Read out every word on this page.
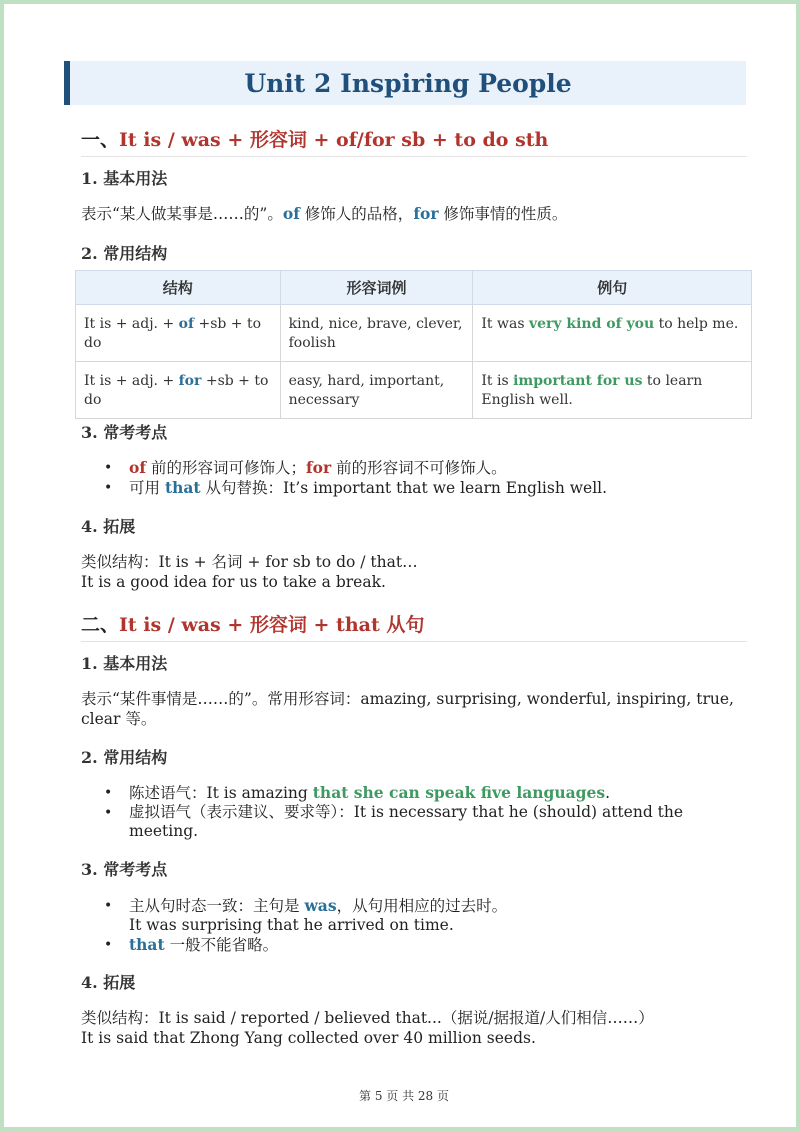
Unit 2 Inspiring People
一、It is / was + 形容词 + of/for sb + to do sth
1. 基本用法
表示“某人做某事是……的”。of 修饰人的品格，for 修饰事情的性质。
2. 常用结构
结构	形容词例	例句
It is + adj. + of +sb + to do	kind, nice, brave, clever, foolish	It was very kind of you to help me.
It is + adj. + for +sb + to do	easy, hard, important, necessary	It is important for us to learn English well.
3. 常考考点
• of 前的形容词可修饰人；for 前的形容词不可修饰人。
• 可用 that 从句替换：It’s important that we learn English well.
4. 拓展
类似结构：It is + 名词 + for sb to do / that…
It is a good idea for us to take a break.
二、It is / was + 形容词 + that 从句
1. 基本用法
表示“某件事情是……的”。常用形容词：amazing, surprising, wonderful, inspiring, true, clear 等。
2. 常用结构
• 陈述语气：It is amazing that she can speak five languages.
• 虚拟语气（表示建议、要求等）：It is necessary that he (should) attend the meeting.
3. 常考考点
• 主从句时态一致：主句是 was，从句用相应的过去时。
It was surprising that he arrived on time.
• that 一般不能省略。
4. 拓展
类似结构：It is said / reported / believed that...（据说/据报道/人们相信……）
It is said that Zhong Yang collected over 40 million seeds.
第 5 页 共 28 页
